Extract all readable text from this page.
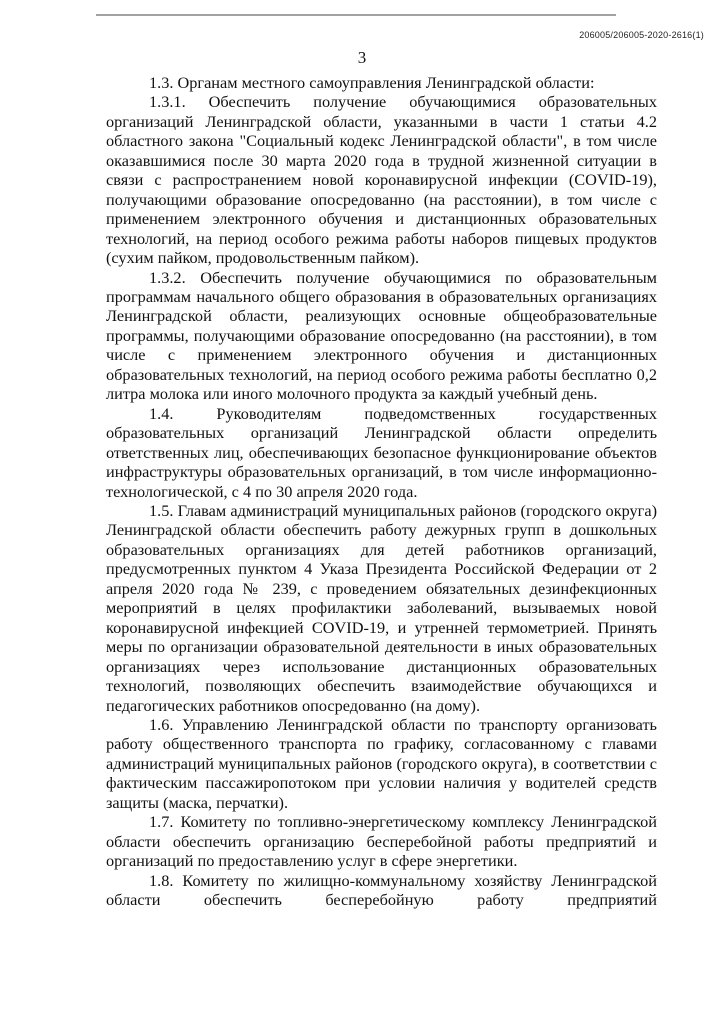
206005/206005-2020-2616(1)
3

1.3. Органам местного самоуправления Ленинградской области:

1.3.1. Обеспечить получение обучающимися образовательных организаций Ленинградской области, указанными в части 1 статьи 4.2 областного закона "Социальный кодекс Ленинградской области", в том числе оказавшимися после 30 марта 2020 года в трудной жизненной ситуации в связи с распространением новой коронавирусной инфекции (COVID-19), получающими образование опосредованно (на расстоянии), в том числе с применением электронного обучения и дистанционных образовательных технологий, на период особого режима работы наборов пищевых продуктов (сухим пайком, продовольственным пайком).

1.3.2. Обеспечить получение обучающимися по образовательным программам начального общего образования в образовательных организациях Ленинградской области, реализующих основные общеобразовательные программы, получающими образование опосредованно (на расстоянии), в том числе с применением электронного обучения и дистанционных образовательных технологий, на период особого режима работы бесплатно 0,2 литра молока или иного молочного продукта за каждый учебный день.

1.4. Руководителям подведомственных государственных образовательных организаций Ленинградской области определить ответственных лиц, обеспечивающих безопасное функционирование объектов инфраструктуры образовательных организаций, в том числе информационно-технологической, с 4 по 30 апреля 2020 года.

1.5. Главам администраций муниципальных районов (городского округа) Ленинградской области обеспечить работу дежурных групп в дошкольных образовательных организациях для детей работников организаций, предусмотренных пунктом 4 Указа Президента Российской Федерации от 2 апреля 2020 года № 239, с проведением обязательных дезинфекционных мероприятий в целях профилактики заболеваний, вызываемых новой коронавирусной инфекцией COVID-19, и утренней термометрией. Принять меры по организации образовательной деятельности в иных образовательных организациях через использование дистанционных образовательных технологий, позволяющих обеспечить взаимодействие обучающихся и педагогических работников опосредованно (на дому).

1.6. Управлению Ленинградской области по транспорту организовать работу общественного транспорта по графику, согласованному с главами администраций муниципальных районов (городского округа), в соответствии с фактическим пассажиропотоком при условии наличия у водителей средств защиты (маска, перчатки).

1.7. Комитету по топливно-энергетическому комплексу Ленинградской области обеспечить организацию бесперебойной работы предприятий и организаций по предоставлению услуг в сфере энергетики.

1.8. Комитету по жилищно-коммунальному хозяйству Ленинградской области обеспечить бесперебойную работу предприятий
